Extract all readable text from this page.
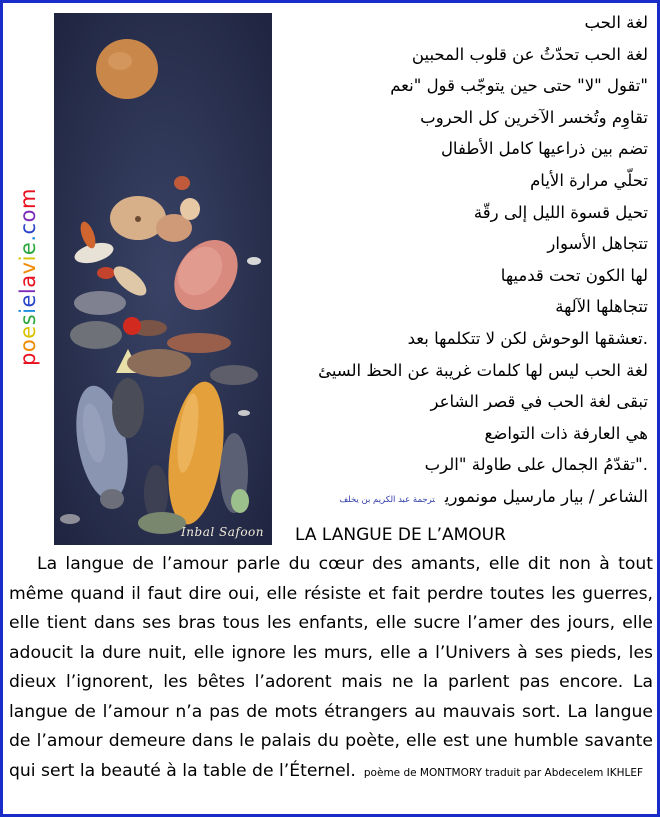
Inbal Safoon
poesielavie.com
لغة الحب
لغة الحب تحدّثُ عن قلوب المحبين
"تقول "لا" حتى حين يتوجّب قول "نعم
تقاوِم وتُخسر الآخرين كل الحروب
تضم بين ذراعيها كامل الأطفال
تحلّي مرارة الأيام
تحيل قسوة الليل إلى رقّة
تتجاهل الأسوار
لها الكون تحت قدميها
تتجاهلها الآلهة
.تعشقها الوحوش لكن لا تتكلمها بعد
لغة الحب ليس لها كلمات غريبة عن الحظ السيئ
تبقى لغة الحب في قصر الشاعر
هي العارفة ذات التواضع
."تقدّمُ الجمال على طاولة "الرب
الشاعر / بيار مارسيل مونموريترجمة عبد الكريم بن يخلف
LA LANGUE DE L’AMOUR

La langue de l’amour parle du cœur des amants, elle dit non à tout même quand il faut dire oui, elle résiste et fait perdre toutes les guerres, elle tient dans ses bras tous les enfants, elle sucre l’amer des jours, elle adoucit la dure nuit, elle ignore les murs, elle a l’Univers à ses pieds, les dieux l’ignorent, les bêtes l’adorent mais ne la parlent pas encore. La langue de l’amour n’a pas de mots étrangers au mauvais sort. La langue de l’amour demeure dans le palais du poète, elle est une humble savante qui sert la beauté à la table de l’Éternel. poème de MONTMORY traduit par Abdecelem IKHLEF
